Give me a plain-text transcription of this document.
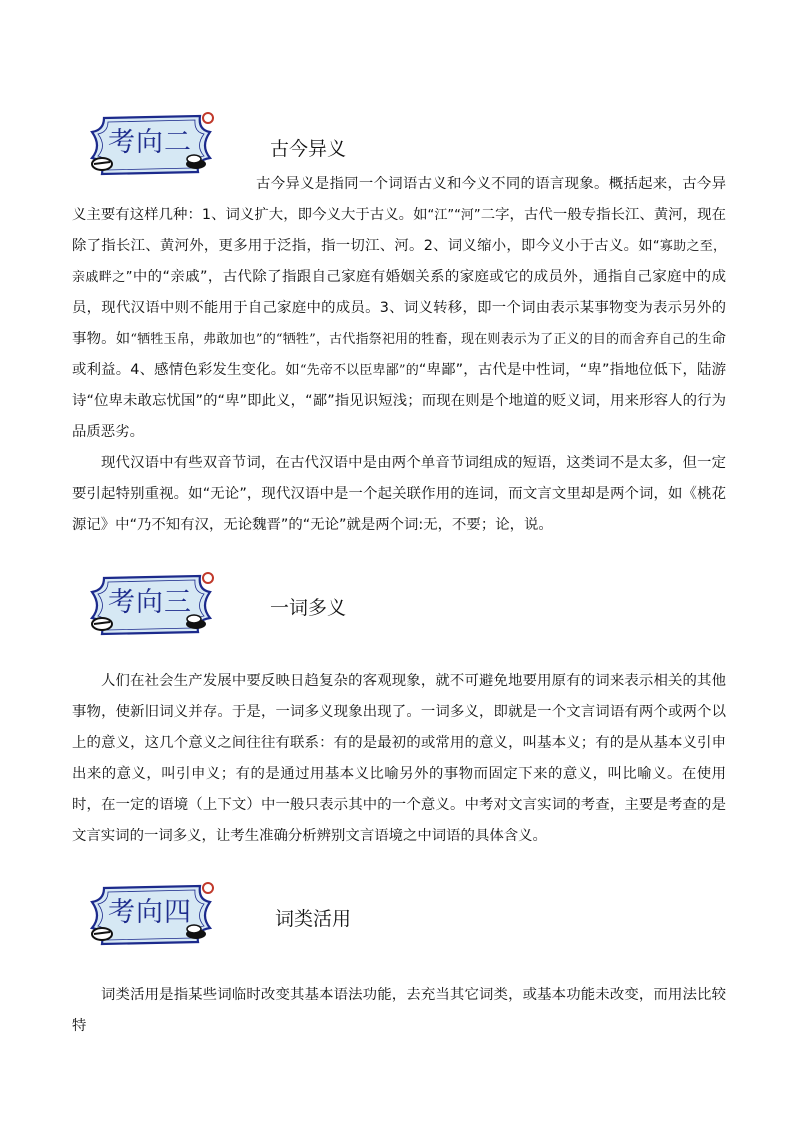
考向二	古今异义

古今异义是指同一个词语古义和今义不同的语言现象。概括起来，古今异义主要有这样几种：1、词义扩大，即今义大于古义。如“江”“河”二字，古代一般专指长江、黄河，现在除了指长江、黄河外，更多用于泛指，指一切江、河。2、词义缩小，即今义小于古义。如“寡助之至，亲戚畔之”中的“亲戚”，古代除了指跟自己家庭有婚姻关系的家庭或它的成员外，通指自己家庭中的成员，现代汉语中则不能用于自己家庭中的成员。3、词义转移，即一个词由表示某事物变为表示另外的事物。如“牺牲玉帛，弗敢加也”的“牺牲”，古代指祭祀用的牲畜，现在则表示为了正义的目的而舍弃自己的生命或利益。4、感情色彩发生变化。如“先帝不以臣卑鄙”的“卑鄙”，古代是中性词，“卑”指地位低下，陆游诗“位卑未敢忘忧国”的“卑”即此义，“鄙”指见识短浅；而现在则是个地道的贬义词，用来形容人的行为品质恶劣。

现代汉语中有些双音节词，在古代汉语中是由两个单音节词组成的短语，这类词不是太多，但一定要引起特别重视。如“无论”，现代汉语中是一个起关联作用的连词，而文言文里却是两个词，如《桃花源记》中“乃不知有汉，无论魏晋”的“无论”就是两个词:无，不要；论，说。

考向三	一词多义

人们在社会生产发展中要反映日趋复杂的客观现象，就不可避免地要用原有的词来表示相关的其他事物，使新旧词义并存。于是，一词多义现象出现了。一词多义，即就是一个文言词语有两个或两个以上的意义，这几个意义之间往往有联系：有的是最初的或常用的意义，叫基本义；有的是从基本义引申出来的意义，叫引申义；有的是通过用基本义比喻另外的事物而固定下来的意义，叫比喻义。在使用时，在一定的语境（上下文）中一般只表示其中的一个意义。中考对文言实词的考查，主要是考查的是文言实词的一词多义，让考生准确分析辨别文言语境之中词语的具体含义。

考向四	词类活用

词类活用是指某些词临时改变其基本语法功能，去充当其它词类，或基本功能未改变，而用法比较特
